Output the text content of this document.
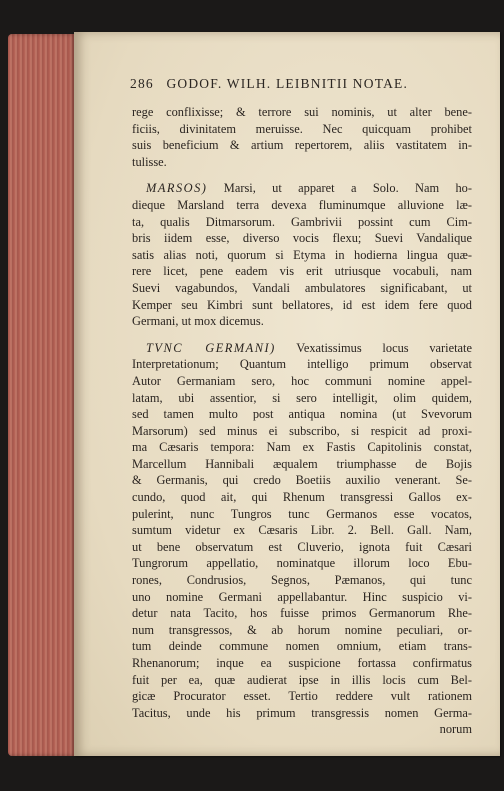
286 GODOF. WILH. LEIBNITII NOTAE.
rege conflixisse; & terrore sui nominis, ut alter bene-
ficiis, divinitatem meruisse. Nec quicquam prohibet
suis beneficium & artium repertorem, aliis vastitatem in-
tulisse.
MARSOS) Marsi, ut apparet a Solo. Nam ho-
dieque Marsland terra devexa fluminumque alluvione læ-
ta, qualis Ditmarsorum. Gambrivii possint cum Cim-
bris iidem esse, diverso vocis flexu; Suevi Vandalique
satis alias noti, quorum si Etyma in hodierna lingua quæ-
rere licet, pene eadem vis erit utriusque vocabuli, nam
Suevi vagabundos, Vandali ambulatores significabant, ut
Kemper seu Kimbri sunt bellatores, id est idem fere quod
Germani, ut mox dicemus.
TVNC GERMANI) Vexatissimus locus varietate
Interpretationum; Quantum intelligo primum observat
Autor Germaniam sero, hoc communi nomine appel-
latam, ubi assentior, si sero intelligit, olim quidem,
sed tamen multo post antiqua nomina (ut Svevorum
Marsorum) sed minus ei subscribo, si respicit ad proxi-
ma Cæsaris tempora: Nam ex Fastis Capitolinis constat,
Marcellum Hannibali æqualem triumphasse de Bojis
& Germanis, qui credo Boetiis auxilio venerant. Se-
cundo, quod ait, qui Rhenum transgressi Gallos ex-
pulerint, nunc Tungros tunc Germanos esse vocatos,
sumtum videtur ex Cæsaris Libr. 2. Bell. Gall. Nam,
ut bene observatum est Cluverio, ignota fuit Cæsari
Tungrorum appellatio, nominatque illorum loco Ebu-
rones, Condrusios, Segnos, Pæmanos, qui tunc
uno nomine Germani appellabantur. Hinc suspicio vi-
detur nata Tacito, hos fuisse primos Germanorum Rhe-
num transgressos, & ab horum nomine peculiari, or-
tum deinde commune nomen omnium, etiam trans-
Rhenanorum; inque ea suspicione fortassa confirmatus
fuit per ea, quæ audierat ipse in illis locis cum Bel-
gicæ Procurator esset. Tertio reddere vult rationem
Tacitus, unde his primum transgressis nomen Germa-
norum
